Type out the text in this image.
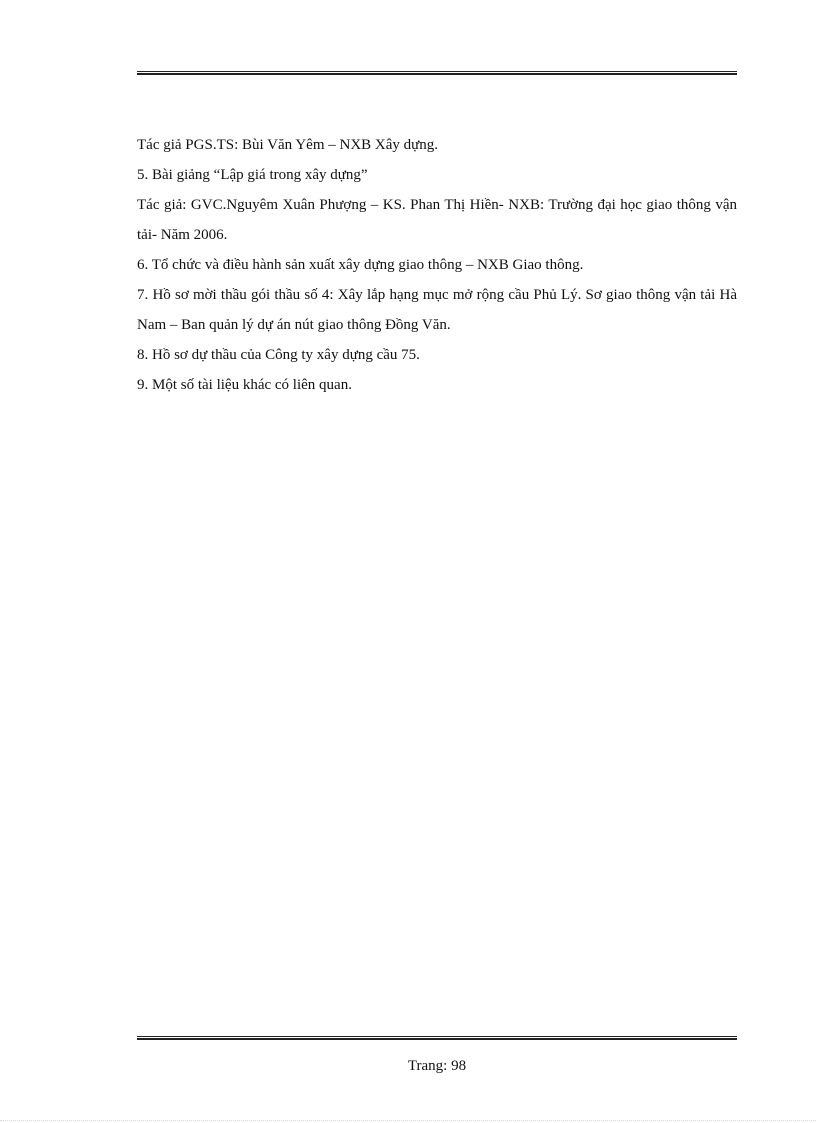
Tác giả PGS.TS: Bùi Văn Yêm – NXB Xây dựng.

5. Bài giảng “Lập giá trong xây dựng”

Tác giả: GVC.Nguyêm Xuân Phượng – KS. Phan Thị Hiền- NXB: Trường đại học giao thông vận tải- Năm 2006.

6. Tổ chức và điều hành sản xuất xây dựng giao thông – NXB Giao thông.

7. Hồ sơ mời thầu gói thầu số 4: Xây lắp hạng mục mở rộng cầu Phủ Lý. Sơ giao thông vận tải Hà Nam – Ban quản lý dự án nút giao thông Đồng Văn.

8. Hồ sơ dự thầu của Công ty xây dựng cầu 75.

9. Một số tài liệu khác có liên quan.

Trang: 98
